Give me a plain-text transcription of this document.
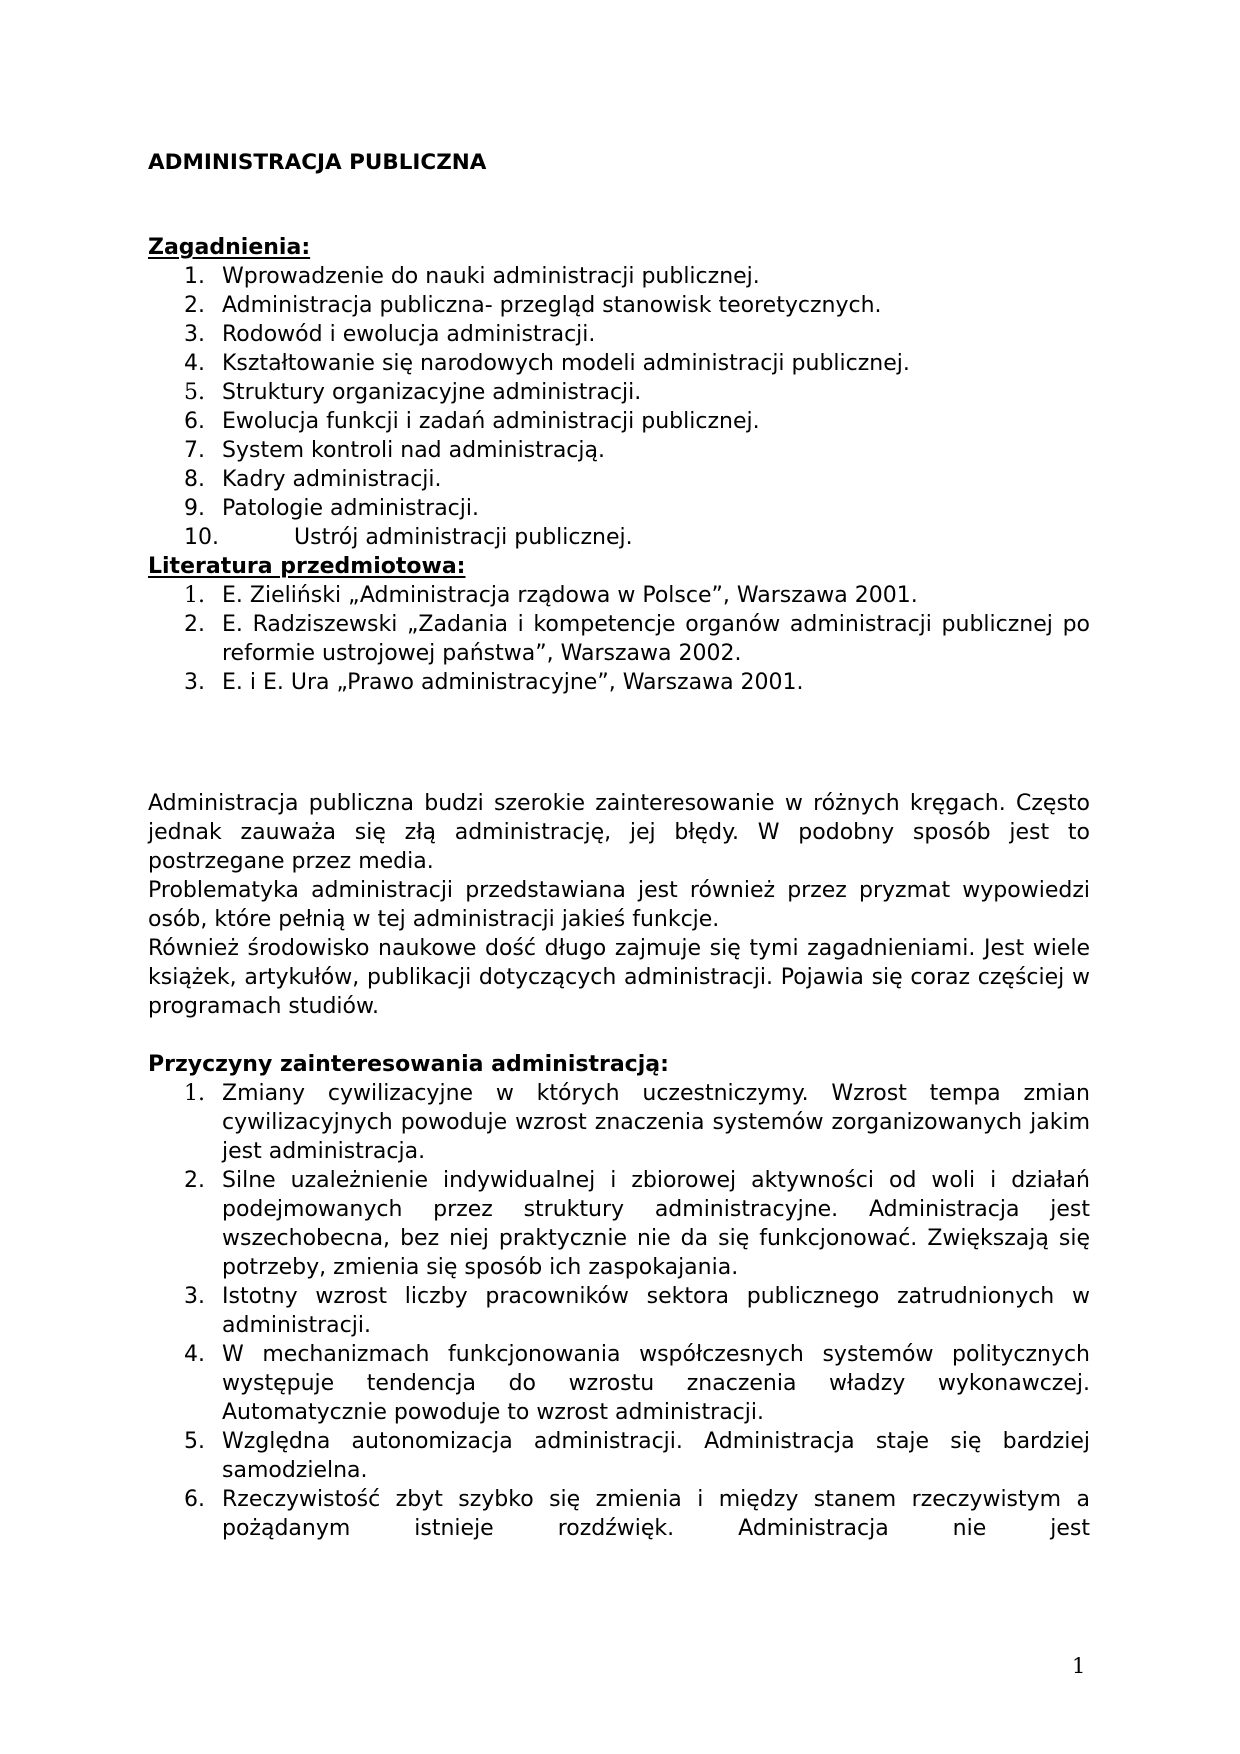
ADMINISTRACJA PUBLICZNA
Zagadnienia:
1. Wprowadzenie do nauki administracji publicznej.
2. Administracja publiczna- przegląd stanowisk teoretycznych.
3. Rodowód i ewolucja administracji.
4. Kształtowanie się narodowych modeli administracji publicznej.
5. Struktury organizacyjne administracji.
6. Ewolucja funkcji i zadań administracji publicznej.
7. System kontroli nad administracją.
8. Kadry administracji.
9. Patologie administracji.
10.	Ustrój administracji publicznej.
Literatura przedmiotowa:
1. E. Zieliński „Administracja rządowa w Polsce”, Warszawa 2001.
2. E. Radziszewski „Zadania i kompetencje organów administracji publicznej po reformie ustrojowej państwa”, Warszawa 2002.
3. E. i E. Ura „Prawo administracyjne”, Warszawa 2001.

Administracja publiczna budzi szerokie zainteresowanie w różnych kręgach. Często jednak zauważa się złą administrację, jej błędy. W podobny sposób jest to postrzegane przez media.

Problematyka administracji przedstawiana jest również przez pryzmat wypowiedzi osób, które pełnią w tej administracji jakieś funkcje.

Również środowisko naukowe dość długo zajmuje się tymi zagadnieniami. Jest wiele książek, artykułów, publikacji dotyczących administracji. Pojawia się coraz częściej w programach studiów.

Przyczyny zainteresowania administracją:
1. Zmiany cywilizacyjne w których uczestniczymy. Wzrost tempa zmian cywilizacyjnych powoduje wzrost znaczenia systemów zorganizowanych jakim jest administracja.
2. Silne uzależnienie indywidualnej i zbiorowej aktywności od woli i działań podejmowanych przez struktury administracyjne. Administracja jest wszechobecna, bez niej praktycznie nie da się funkcjonować. Zwiększają się potrzeby, zmienia się sposób ich zaspokajania.
3. Istotny wzrost liczby pracowników sektora publicznego zatrudnionych w administracji.
4. W mechanizmach funkcjonowania współczesnych systemów politycznych występuje tendencja do wzrostu znaczenia władzy wykonawczej. Automatycznie powoduje to wzrost administracji.
5. Względna autonomizacja administracji. Administracja staje się bardziej samodzielna.
6. Rzeczywistość zbyt szybko się zmienia i między stanem rzeczywistym a pożądanym istnieje rozdźwięk. Administracja nie jest
1
